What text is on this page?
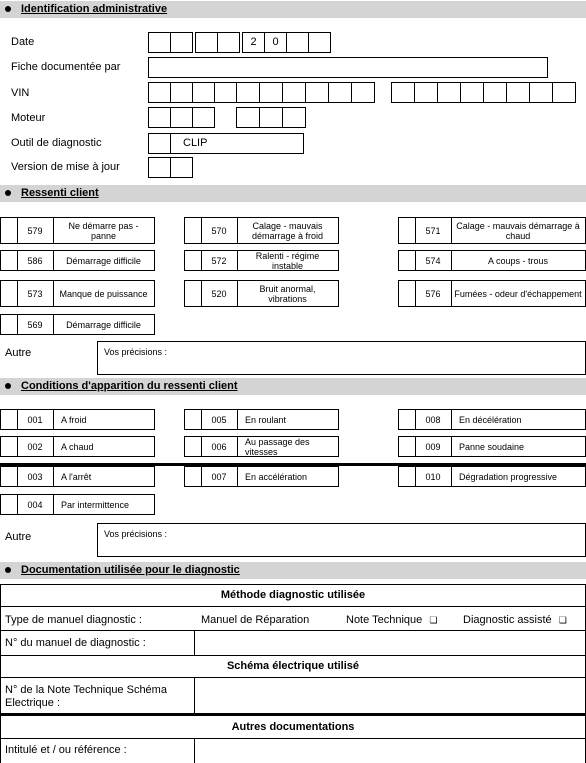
Identification administrative
Date	2	0
Fiche documentée par
VIN
Moteur
Outil de diagnostic	CLIP
Version de mise à jour
Ressenti client
579	Ne démarre pas - panne	570	Calage - mauvais démarrage à froid	571	Calage - mauvais démarrage à chaud
586	Démarrage difficile	572	Ralenti - régime instable	574	A coups - trous
573	Manque de puissance	520	Bruit anormal, vibrations	576	Fumées - odeur d'échappement
569	Démarrage difficile
Autre	Vos précisions :
Conditions d'apparition du ressenti client
001	A froid	005	En roulant	008	En décélération
002	A chaud	006	Au passage des vitesses	009	Panne soudaine
003	A l'arrêt	007	En accélération	010	Dégradation progressive
004	Par intermittence
Autre	Vos précisions :
Documentation utilisée pour le diagnostic
Méthode diagnostic utilisée
Type de manuel diagnostic :	Manuel de Réparation	Note Technique ❏ Diagnostic assisté ❏
N° du manuel de diagnostic :
Schéma électrique utilisé
N° de la Note Technique Schéma
Electrique :
Autres documentations
Intitulé et / ou référence :
